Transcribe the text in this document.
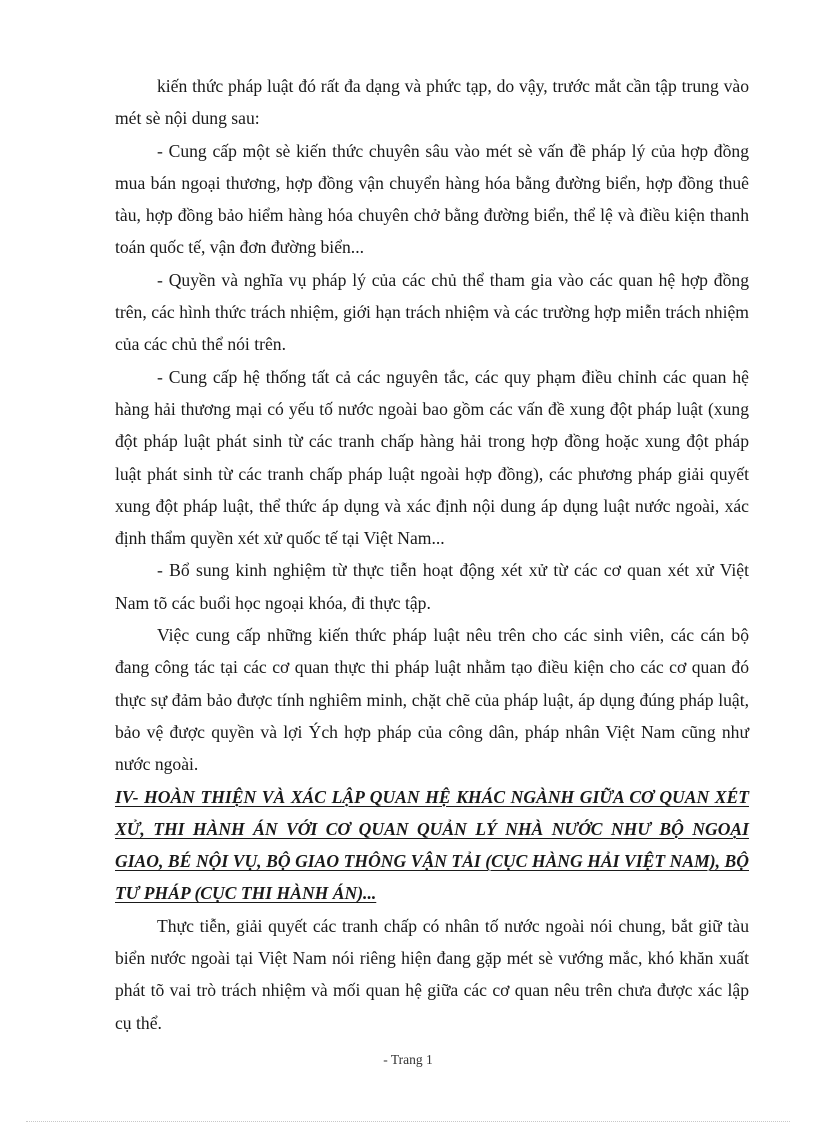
kiến thức pháp luật đó rất đa dạng và phức tạp, do vậy, trước mắt cần tập trung vào mét sè nội dung sau:

- Cung cấp một sè kiến thức chuyên sâu vào mét sè vấn đề pháp lý của hợp đồng mua bán ngoại thương, hợp đồng vận chuyển hàng hóa bằng đường biển, hợp đồng thuê tàu, hợp đồng bảo hiểm hàng hóa chuyên chở bằng đường biển, thể lệ và điều kiện thanh toán quốc tế, vận đơn đường biển...

- Quyền và nghĩa vụ pháp lý của các chủ thể tham gia vào các quan hệ hợp đồng trên, các hình thức trách nhiệm, giới hạn trách nhiệm và các trường hợp miễn trách nhiệm của các chủ thể nói trên.

- Cung cấp hệ thống tất cả các nguyên tắc, các quy phạm điều chỉnh các quan hệ hàng hải thương mại có yếu tố nước ngoài bao gồm các vấn đề xung đột pháp luật (xung đột pháp luật phát sinh từ các tranh chấp hàng hải trong hợp đồng hoặc xung đột pháp luật phát sinh từ các tranh chấp pháp luật ngoài hợp đồng), các phương pháp giải quyết xung đột pháp luật, thể thức áp dụng và xác định nội dung áp dụng luật nước ngoài, xác định thẩm quyền xét xử quốc tế tại Việt Nam...

- Bổ sung kinh nghiệm từ thực tiễn hoạt động xét xử từ các cơ quan xét xử Việt Nam tõ các buổi học ngoại khóa, đi thực tập.

Việc cung cấp những kiến thức pháp luật nêu trên cho các sinh viên, các cán bộ đang công tác tại các cơ quan thực thi pháp luật nhằm tạo điều kiện cho các cơ quan đó thực sự đảm bảo được tính nghiêm minh, chặt chẽ của pháp luật, áp dụng đúng pháp luật, bảo vệ được quyền và lợi Ých hợp pháp của công dân, pháp nhân Việt Nam cũng như nước ngoài.

IV- HOÀN THIỆN VÀ XÁC LẬP QUAN HỆ KHÁC NGÀNH GIỮA CƠ QUAN XÉT XỬ, THI HÀNH ÁN VỚI CƠ QUAN QUẢN LÝ NHÀ NƯỚC NHƯ BỘ NGOẠI GIAO, BÉ NỘI VỤ, BỘ GIAO THÔNG VẬN TẢI (CỤC HÀNG HẢI VIỆT NAM), BỘ TƯ PHÁP (CỤC THI HÀNH ÁN)...

Thực tiễn, giải quyết các tranh chấp có nhân tố nước ngoài nói chung, bắt giữ tàu biển nước ngoài tại Việt Nam nói riêng hiện đang gặp mét sè vướng mắc, khó khăn xuất phát tõ vai trò trách nhiệm và mối quan hệ giữa các cơ quan nêu trên chưa được xác lập cụ thể.

- Trang 1
